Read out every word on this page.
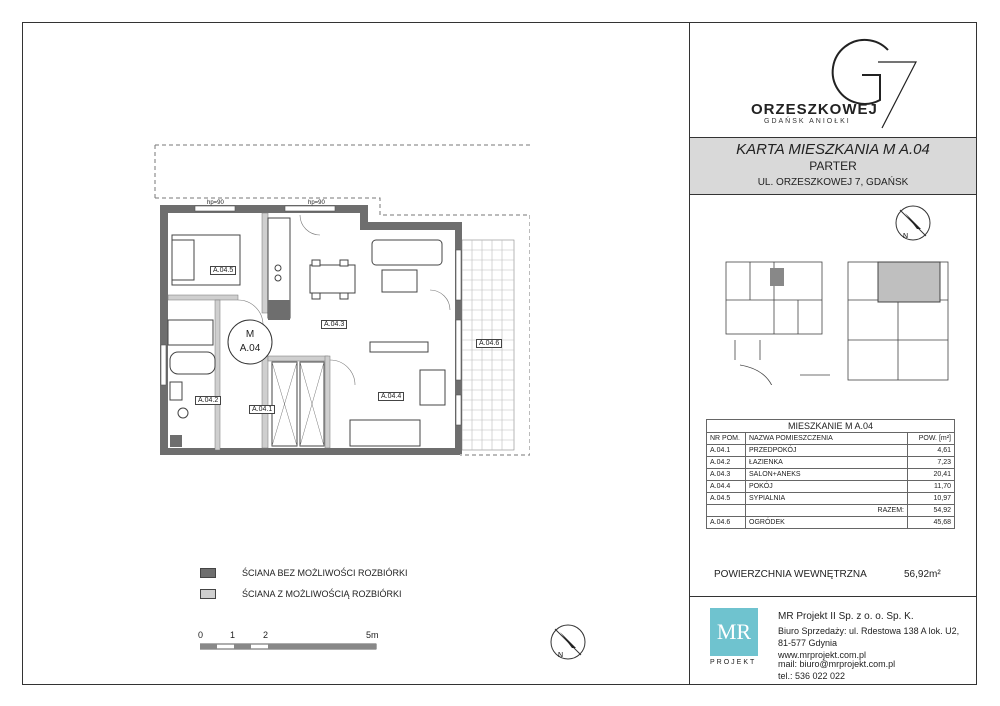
M
A.04
A.04.5
A.04.3
A.04.6
A.04.2
A.04.1
A.04.4
hp=90	hp=90
ORZESZKOWEJ
GDAŃSK ANIOŁKI
KARTA MIESZKANIA M A.04
PARTER
UL. ORZESZKOWEJ 7, GDAŃSK
N
MIESZKANIE M A.04		
NR POM.	NAZWA POMIESZCZENIA	POW. [m²]
A.04.1	PRZEDPOKÓJ	4,61
A.04.2	ŁAZIENKA	7,23
A.04.3	SALON+ANEKS	20,41
A.04.4	POKÓJ	11,70
A.04.5	SYPIALNIA	10,97
	RAZEM:	54,92
A.04.6	OGRÓDEK	45,68
POWIERZCHNIA WEWNĘTRZNA	56,92m²
ŚCIANA BEZ MOŻLIWOŚCI ROZBIÓRKI
ŚCIANA Z MOŻLIWOŚCIĄ ROZBIÓRKI
0	1	2	5m
N
MR
PROJEKT
MR Projekt II Sp. z o. o. Sp. K.
Biuro Sprzedaży: ul. Rdestowa 138 A lok. U2,
81-577 Gdynia
www.mrprojekt.com.pl
mail: biuro@mrprojekt.com.pl
tel.: 536 022 022
